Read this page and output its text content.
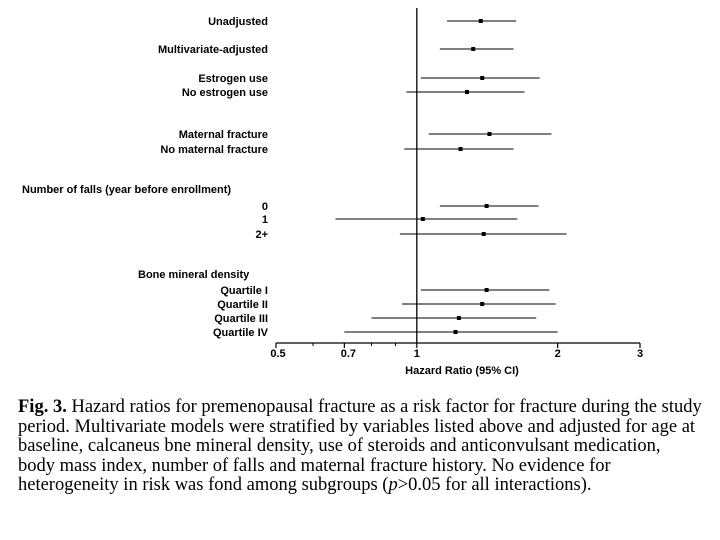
0.5	0.7	1	2	3
Hazard Ratio (95% CI)
Unadjusted
Multivariate-adjusted
Estrogen use
No estrogen use
Maternal fracture
No maternal fracture
Number of falls (year before enrollment)
0
1
2+
Bone mineral density
Quartile I
Quartile II
Quartile III
Quartile IV

Fig. 3. Hazard ratios for premenopausal fracture as a risk factor for fracture during the study period. Multivariate models were stratified by variables listed above and adjusted for age at baseline, calcaneus bne mineral density, use of steroids and anticonvulsant medication, body mass index, number of falls and maternal fracture history. No evidence for heterogeneity in risk was fond among subgroups (p>0.05 for all interactions).
